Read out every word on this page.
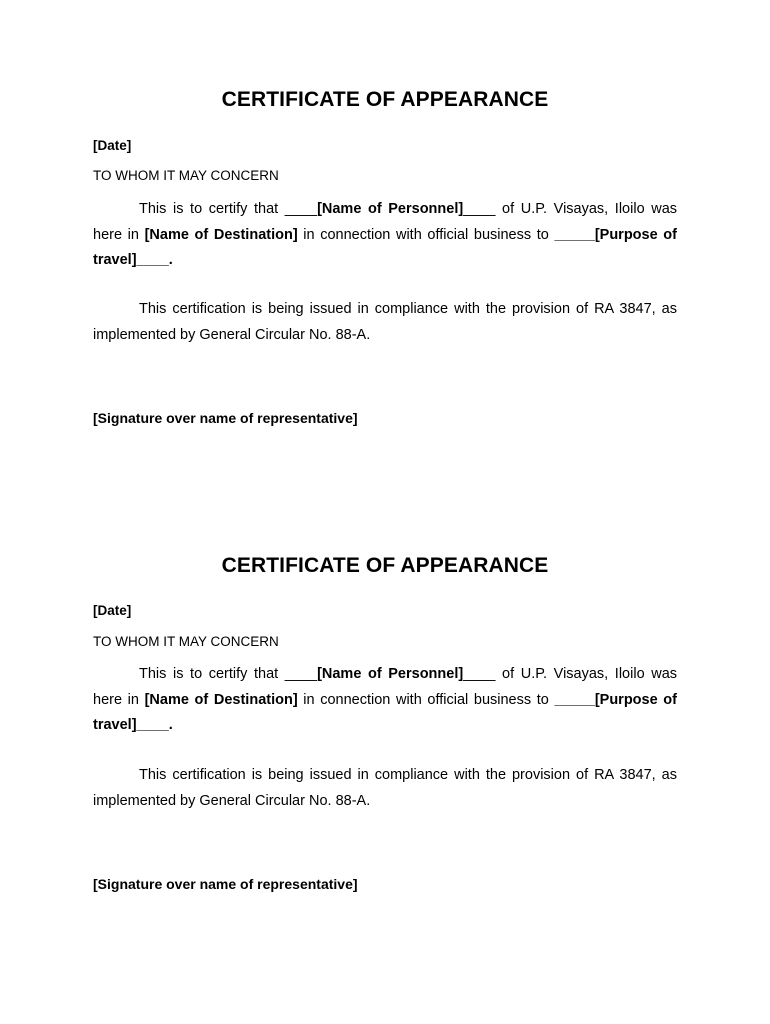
CERTIFICATE OF APPEARANCE
[Date]
TO WHOM IT MAY CONCERN
This is to certify that ____[Name of Personnel]____ of U.P. Visayas, Iloilo was here in [Name of Destination] in connection with official business to _____[Purpose of travel]____.
This certification is being issued in compliance with the provision of RA 3847, as implemented by General Circular No. 88-A.
[Signature over name of representative]
CERTIFICATE OF APPEARANCE
[Date]
TO WHOM IT MAY CONCERN
This is to certify that ____[Name of Personnel]____ of U.P. Visayas, Iloilo was here in [Name of Destination] in connection with official business to _____[Purpose of travel]____.
This certification is being issued in compliance with the provision of RA 3847, as implemented by General Circular No. 88-A.
[Signature over name of representative]
